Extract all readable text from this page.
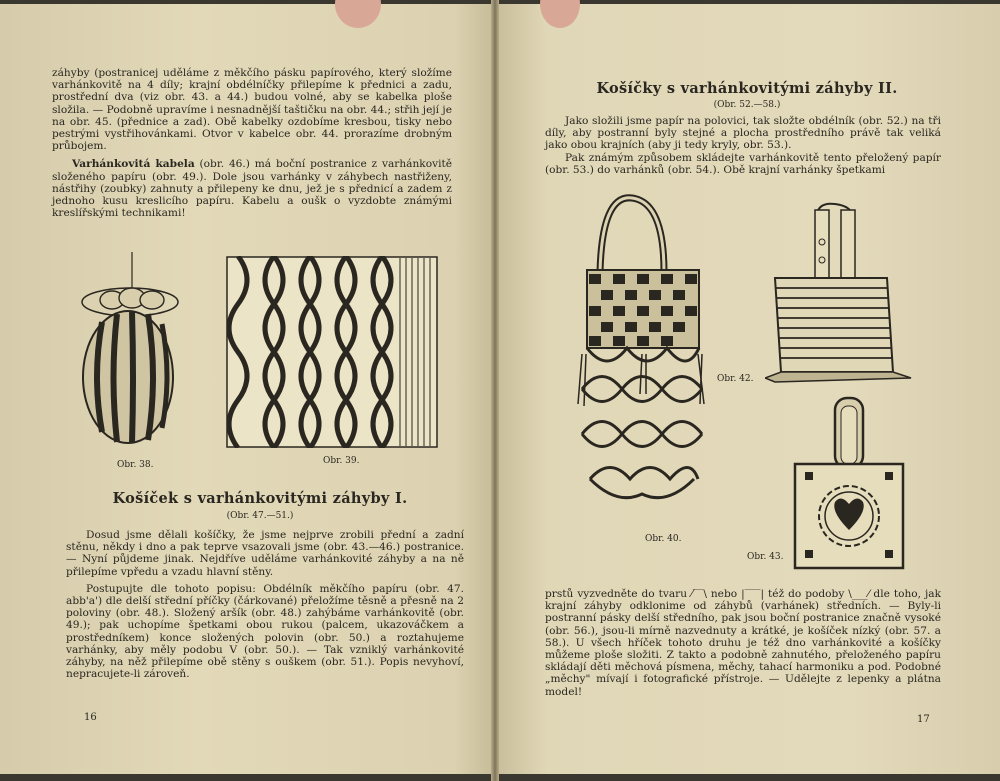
záhyby (postranicej uděláme z měkčího pásku papírového, který složíme varhánkovitě na 4 díly; krajní obdélníčky přilepíme k přednici a zadu, prostřední dva (viz obr. 43. a 44.) budou volné, aby se kabelka ploše složila. — Podobně upravíme i nesnadnější taštičku na obr. 44.; střih její je na obr. 45. (přednice a zad). Obě kabelky ozdobíme kresbou, tisky nebo pestrými vystřihovánkami. Otvor v kabelce obr. 44. prorazíme drobným průbojem.

Varhánkovitá kabela (obr. 46.) má boční postranice z varhánkovitě složeného papíru (obr. 49.). Dole jsou varhánky v záhybech nastřiženy, nástřihy (zoubky) zahnuty a přilepeny ke dnu, jež je s přednicí a zadem z jednoho kusu kreslicího papíru. Kabelu a oušk o vyzdobte známými kreslířskými technikami!

Obr. 38.	Obr. 39.
Košíček s varhánkovitými záhyby I.
(Obr. 47.—51.)

Dosud jsme dělali košíčky, že jsme nejprve zrobili přední a zadní stěnu, někdy i dno a pak teprve vsazovali jsme (obr. 43.—46.) postranice. — Nyní půjdeme jinak. Nejdříve uděláme varhánkovité záhyby a na ně přilepíme vpředu a vzadu hlavní stěny.

Postupujte dle tohoto popisu: Obdélník měkčího papíru (obr. 47. abb'a') dle delší střední příčky (čárkované) přeložíme těsně a přesně na 2 poloviny (obr. 48.). Složený aršík (obr. 48.) zahýbáme varhánkovitě (obr. 49.); pak uchopíme špetkami obou rukou (palcem, ukazováčkem a prostředníkem) konce složených polovin (obr. 50.) a roztahujeme varhánky, aby měly podobu V (obr. 50.). — Tak vzniklý varhánkovité záhyby, na něž přilepíme obě stěny s ouškem (obr. 51.). Popis nevyhoví, nepracujete-li zároveň.

16
Košíčky s varhánkovitými záhyby II.
(Obr. 52.—58.)

Jako složili jsme papír na polovici, tak složte obdélník (obr. 52.) na tři díly, aby postranní byly stejné a plocha prostředního právě tak veliká jako obou krajních (aby ji tedy kryly, obr. 53.).

Pak známým způsobem skládejte varhánkovitě tento přeložený papír (obr. 53.) do varhánků (obr. 54.). Obě krajní varhánky špetkami

Obr. 40.
Obr. 42.
Obr. 43.

prstů vyzvedněte do tvaru ⁄‾‾\ nebo |‾‾‾| též do podoby \___⁄ dle toho, jak krajní záhyby odklonime od záhybů (varhánek) středních. — Byly-li postranní pásky delší středního, pak jsou boční postranice značně vysoké (obr. 56.), jsou-li mírně nazvednuty a krátké, je košíček nízký (obr. 57. a 58.). U všech hříček tohoto druhu je též dno varhánkovité a košíčky můžeme ploše složiti. Z takto a podobně zahnutého, přeloženého papíru skládají děti měchová písmena, měchy, tahací harmoniku a pod. Podobné „měchy" mívají i fotografické přístroje. — Udělejte z lepenky a plátna model!

17
